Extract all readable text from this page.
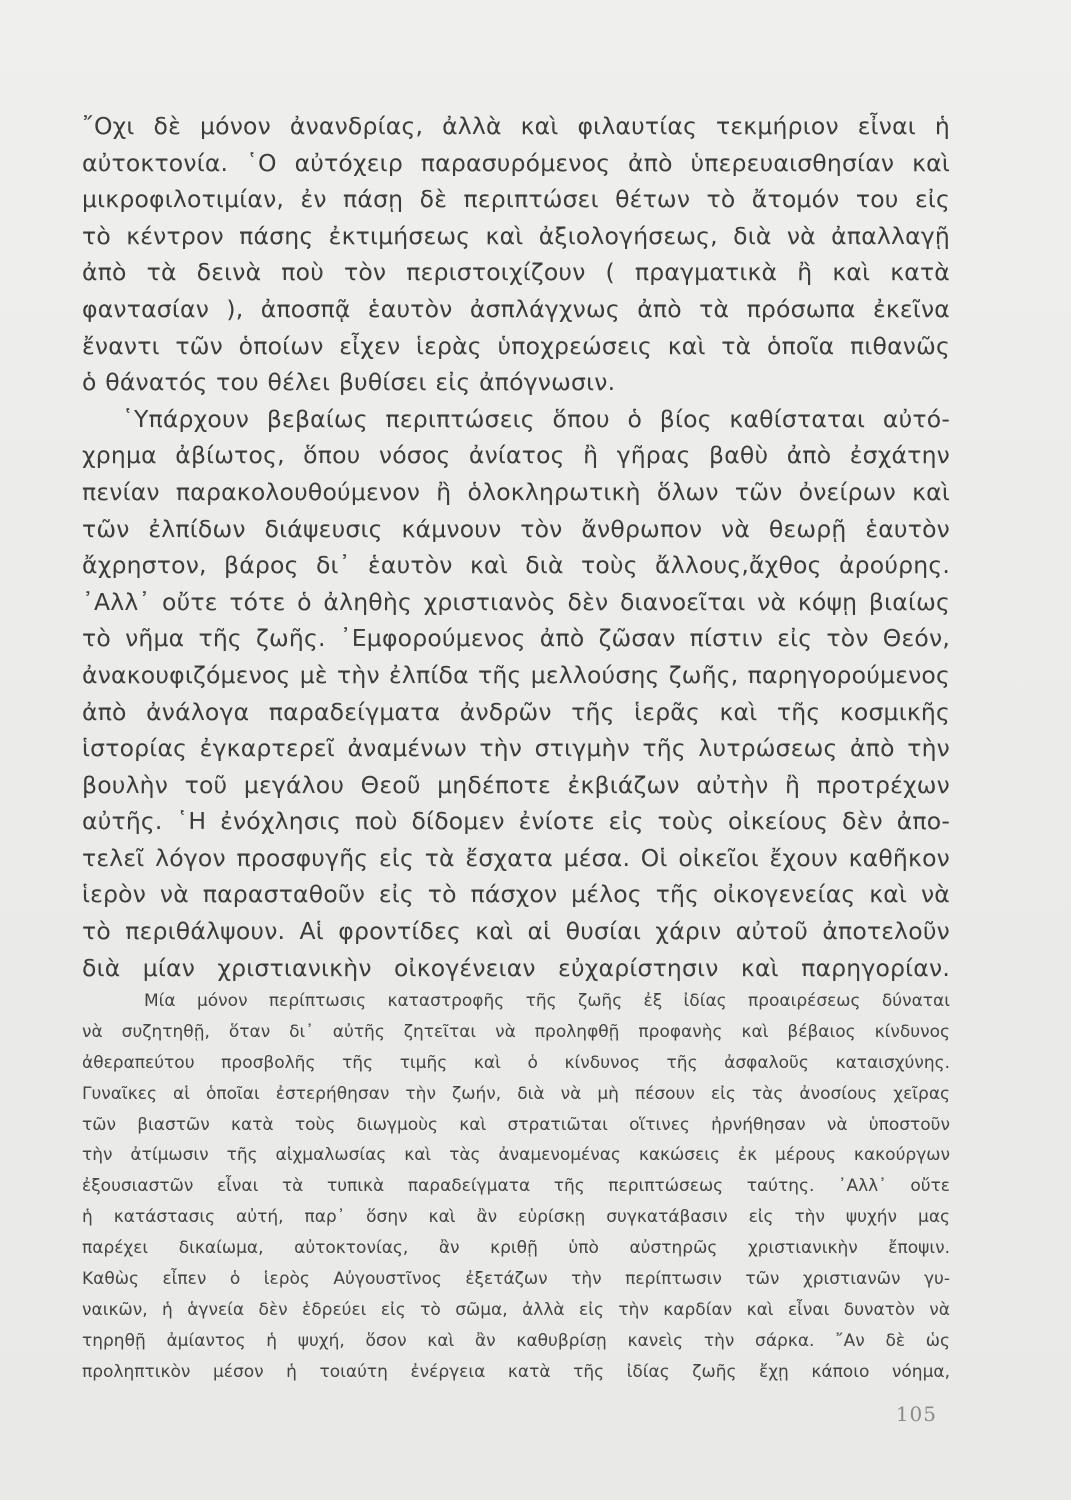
῎Οχι δὲ μόνον ἀνανδρίας, ἀλλὰ καὶ φιλαυτίας τεκμήριον εἶναι ἡ
αὐτοκτονία. ῾Ο αὐτόχειρ παρασυρόμενος ἀπὸ ὑπερευαισθησίαν καὶ
μικροφιλοτιμίαν, ἐν πάσῃ δὲ περιπτώσει θέτων τὸ ἄτομόν του εἰς
τὸ κέντρον πάσης ἐκτιμήσεως καὶ ἀξιολογήσεως, διὰ νὰ ἀπαλλαγῇ
ἀπὸ τὰ δεινὰ ποὺ τὸν περιστοιχίζουν ( πραγματικὰ ἢ καὶ κατὰ
φαντασίαν ), ἀποσπᾷ ἑαυτὸν ἀσπλάγχνως ἀπὸ τὰ πρόσωπα ἐκεῖνα
ἔναντι τῶν ὁποίων εἶχεν ἱερὰς ὑποχρεώσεις καὶ τὰ ὁποῖα πιθανῶς
ὁ θάνατός του θέλει βυθίσει εἰς ἀπόγνωσιν.
῾Υπάρχουν βεβαίως περιπτώσεις ὅπου ὁ βίος καθίσταται αὐτό-
χρημα ἀβίωτος, ὅπου νόσος ἀνίατος ἢ γῆρας βαθὺ ἀπὸ ἐσχάτην
πενίαν παρακολουθούμενον ἢ ὁλοκληρωτικὴ ὅλων τῶν ὀνείρων καὶ
τῶν ἐλπίδων διάψευσις κάμνουν τὸν ἄνθρωπον νὰ θεωρῇ ἑαυτὸν
ἄχρηστον, βάρος δι᾿ ἑαυτὸν καὶ διὰ τοὺς ἄλλους,ἄχθος ἀρούρης.
᾿Αλλ᾿ οὔτε τότε ὁ ἀληθὴς χριστιανὸς δὲν διανοεῖται νὰ κόψῃ βιαίως
τὸ νῆμα τῆς ζωῆς. ᾿Εμφορούμενος ἀπὸ ζῶσαν πίστιν εἰς τὸν Θεόν,
ἀνακουφιζόμενος μὲ τὴν ἐλπίδα τῆς μελλούσης ζωῆς, παρηγορούμενος
ἀπὸ ἀνάλογα παραδείγματα ἀνδρῶν τῆς ἱερᾶς καὶ τῆς κοσμικῆς
ἱστορίας ἐγκαρτερεῖ ἀναμένων τὴν στιγμὴν τῆς λυτρώσεως ἀπὸ τὴν
βουλὴν τοῦ μεγάλου Θεοῦ μηδέποτε ἐκβιάζων αὐτὴν ἢ προτρέχων
αὐτῆς. ῾Η ἐνόχλησις ποὺ δίδομεν ἐνίοτε εἰς τοὺς οἰκείους δὲν ἀπο-
τελεῖ λόγον προσφυγῆς εἰς τὰ ἔσχατα μέσα. Οἱ οἰκεῖοι ἔχουν καθῆκον
ἱερὸν νὰ παρασταθοῦν εἰς τὸ πάσχον μέλος τῆς οἰκογενείας καὶ νὰ
τὸ περιθάλψουν. Αἱ φροντίδες καὶ αἱ θυσίαι χάριν αὐτοῦ ἀποτελοῦν
διὰ μίαν χριστιανικὴν οἰκογένειαν εὐχαρίστησιν καὶ παρηγορίαν.
Μία μόνον περίπτωσις καταστροφῆς τῆς ζωῆς ἐξ ἰδίας προαιρέσεως δύναται
νὰ συζητηθῇ, ὅταν δι᾿ αὐτῆς ζητεῖται νὰ προληφθῇ προφανὴς καὶ βέβαιος κίνδυνος
ἀθεραπεύτου προσβολῆς τῆς τιμῆς καὶ ὁ κίνδυνος τῆς ἀσφαλοῦς καταισχύνης.
Γυναῖκες αἱ ὁποῖαι ἐστερήθησαν τὴν ζωήν, διὰ νὰ μὴ πέσουν εἰς τὰς ἀνοσίους χεῖρας
τῶν βιαστῶν κατὰ τοὺς διωγμοὺς καὶ στρατιῶται οἵτινες ἠρνήθησαν νὰ ὑποστοῦν
τὴν ἀτίμωσιν τῆς αἰχμαλωσίας καὶ τὰς ἀναμενομένας κακώσεις ἐκ μέρους κακούργων
ἐξουσιαστῶν εἶναι τὰ τυπικὰ παραδείγματα τῆς περιπτώσεως ταύτης. ᾿Αλλ᾿ οὔτε
ἡ κατάστασις αὐτή, παρ᾿ ὅσην καὶ ἂν εὑρίσκῃ συγκατάβασιν εἰς τὴν ψυχήν μας
παρέχει δικαίωμα, αὐτοκτονίας, ἂν κριθῇ ὑπὸ αὐστηρῶς χριστιανικὴν ἔποψιν.
Καθὼς εἶπεν ὁ ἱερὸς Αὐγουστῖνος ἐξετάζων τὴν περίπτωσιν τῶν χριστιανῶν γυ-
ναικῶν, ἡ ἁγνεία δὲν ἑδρεύει εἰς τὸ σῶμα, ἀλλὰ εἰς τὴν καρδίαν καὶ εἶναι δυνατὸν νὰ
τηρηθῇ ἀμίαντος ἡ ψυχή, ὅσον καὶ ἂν καθυβρίσῃ κανεὶς τὴν σάρκα. ῎Αν δὲ ὡς
προληπτικὸν μέσον ἡ τοιαύτη ἐνέργεια κατὰ τῆς ἰδίας ζωῆς ἔχῃ κάποιο νόημα,
105
